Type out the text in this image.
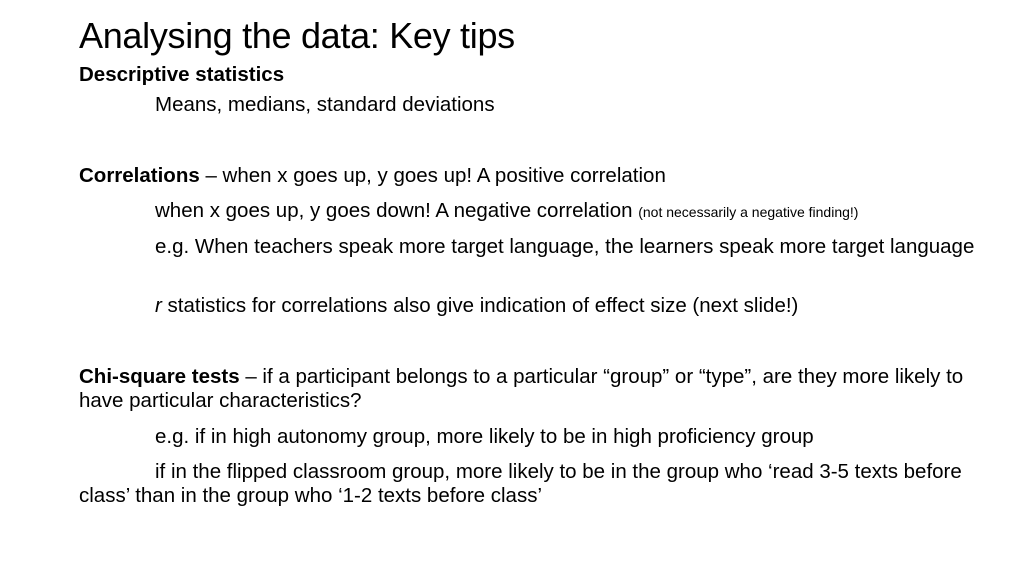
Analysing the data: Key tips
Descriptive statistics
Means, medians, standard deviations
Correlations – when x goes up, y goes up! A positive correlation
when x goes up, y goes down! A negative correlation (not necessarily a negative finding!)
e.g. When teachers speak more target language, the learners speak more target language
r statistics for correlations also give indication of effect size (next slide!)
Chi-square tests – if a participant belongs to a particular “group” or “type”, are they more likely to have particular characteristics?
e.g. if in high autonomy group, more likely to be in high proficiency group
if in the flipped classroom group, more likely to be in the group who ‘read 3-5 texts before class’ than in the group who ‘1-2 texts before class’
